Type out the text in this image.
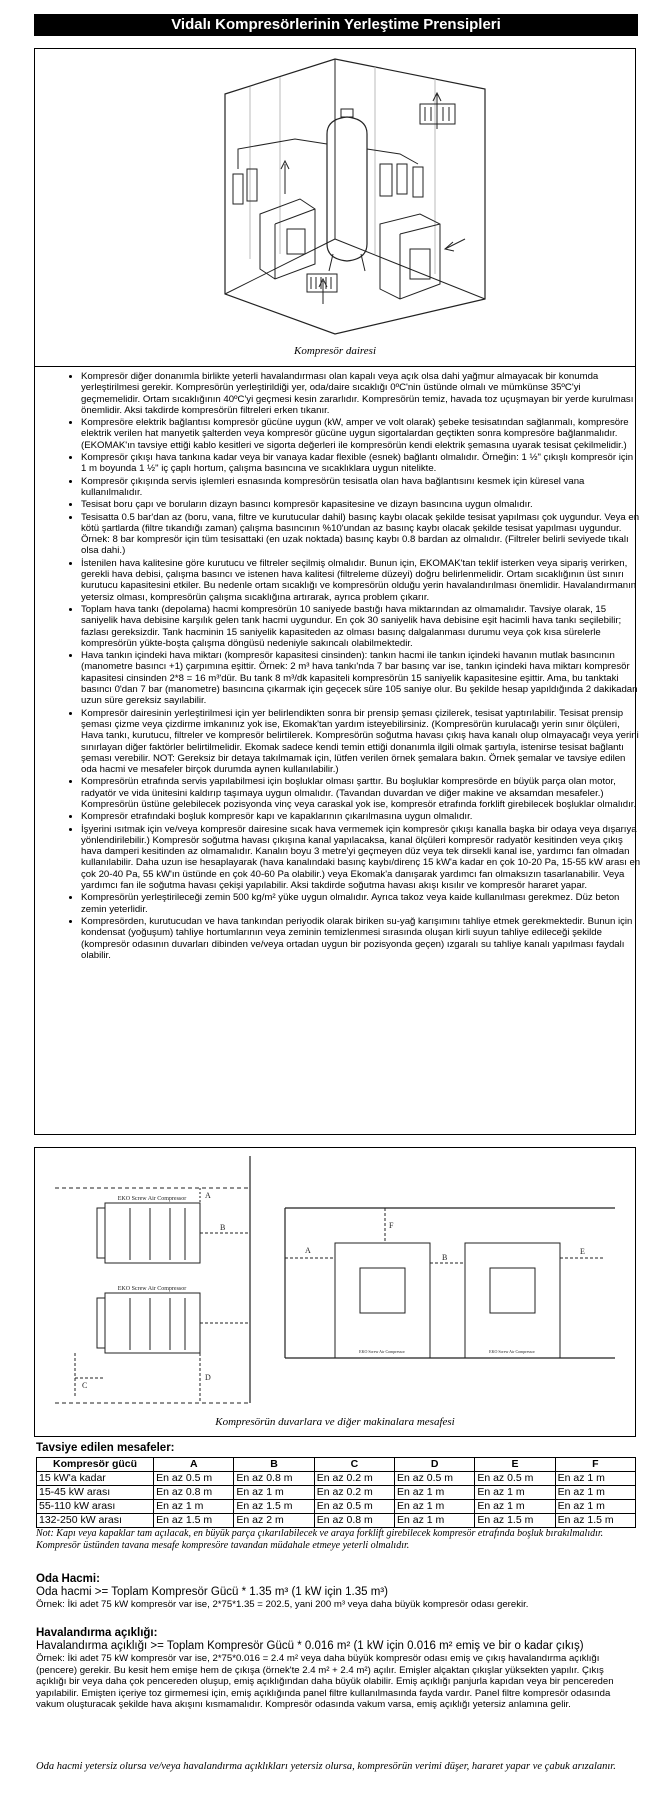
Vidalı Kompresörlerinin Yerleştime Prensipleri
Kompresör dairesi
• Kompresör diğer donanımla birlikte yeterli havalandırması olan kapalı veya açık olsa dahi yağmur almayacak bir konumda yerleştirilmesi gerekir. Kompresörün yerleştirildiği yer, oda/daire sıcaklığı 0ºC'nin üstünde olmalı ve mümkünse 35ºC'yi geçmemelidir. Ortam sıcaklığının 40ºC'yi geçmesi kesin zararlıdır. Kompresörün temiz, havada toz uçuşmayan bir yerde kurulması önemlidir. Aksi takdirde kompresörün filtreleri erken tıkanır.
• Kompresöre elektrik bağlantısı kompresör gücüne uygun (kW, amper ve volt olarak) şebeke tesisatından sağlanmalı, kompresöre elektrik verilen hat manyetik şalterden veya kompresör gücüne uygun sigortalardan geçtikten sonra kompresöre bağlanmalıdır. (EKOMAK'ın tavsiye ettiği kablo kesitleri ve sigorta değerleri ile kompresörün kendi elektrik şemasına uyarak tesisat çekilmelidir.)
• Kompresör çıkışı hava tankına kadar veya bir vanaya kadar flexible (esnek) bağlantı olmalıdır. Örneğin: 1 ½" çıkışlı kompresör için 1 m boyunda 1 ½" iç çaplı hortum, çalışma basıncına ve sıcaklıklara uygun nitelikte.
• Kompresör çıkışında servis işlemleri esnasında kompresörün tesisatla olan hava bağlantısını kesmek için küresel vana kullanılmalıdır.
• Tesisat boru çapı ve boruların dizayn basıncı kompresör kapasitesine ve dizayn basıncına uygun olmalıdır.
• Tesisatta 0.5 bar'dan az (boru, vana, filtre ve kurutucular dahil) basınç kaybı olacak şekilde tesisat yapılması çok uygundur. Veya en kötü şartlarda (filtre tıkandığı zaman) çalışma basıncının %10'undan az basınç kaybı olacak şekilde tesisat yapılması uygundur. Örnek: 8 bar kompresör için tüm tesisattaki (en uzak noktada) basınç kaybı 0.8 bardan az olmalıdır. (Filtreler belirli seviyede tıkalı olsa dahi.)
• İstenilen hava kalitesine göre kurutucu ve filtreler seçilmiş olmalıdır. Bunun için, EKOMAK'tan teklif isterken veya sipariş verirken, gerekli hava debisi, çalışma basıncı ve istenen hava kalitesi (filtreleme düzeyi) doğru belirlenmelidir. Ortam sıcaklığının üst sınırı kurutucu kapasitesini etkiler. Bu nedenle ortam sıcaklığı ve kompresörün olduğu yerin havalandırılması önemlidir. Havalandırmanın yetersiz olması, kompresörün çalışma sıcaklığına artırarak, ayrıca problem çıkarır.
• Toplam hava tankı (depolama) hacmi kompresörün 10 saniyede bastığı hava miktarından az olmamalıdır. Tavsiye olarak, 15 saniyelik hava debisine karşılık gelen tank hacmi uygundur. En çok 30 saniyelik hava debisine eşit hacimli hava tankı seçilebilir; fazlası gereksizdir. Tank hacminin 15 saniyelik kapasiteden az olması basınç dalgalanması durumu veya çok kısa sürelerle kompresörün yükte-boşta çalışma döngüsü nedeniyle sakıncalı olabilmektedir.
• Hava tankın içindeki hava miktarı (kompresör kapasitesi cinsinden): tankın hacmi ile tankın içindeki havanın mutlak basıncının (manometre basıncı +1) çarpımına eşittir. Örnek: 2 m³ hava tankı'nda 7 bar basınç var ise, tankın içindeki hava miktarı kompresör kapasitesi cinsinden 2*8 = 16 m³'dür. Bu tank 8 m³/dk kapasiteli kompresörün 15 saniyelik kapasitesine eşittir. Ama, bu tanktaki basıncı 0'dan 7 bar (manometre) basıncına çıkarmak için geçecek süre 105 saniye olur. Bu şekilde hesap yapıldığında 2 dakikadan uzun süre gereksiz sayılabilir.
• Kompresör dairesinin yerleştirilmesi için yer belirlendikten sonra bir prensip şeması çizilerek, tesisat yaptırılabilir. Tesisat prensip şeması çizme veya çizdirme imkanınız yok ise, Ekomak'tan yardım isteyebilirsiniz. (Kompresörün kurulacağı yerin sınır ölçüleri, Hava tankı, kurutucu, filtreler ve kompresör belirtilerek. Kompresörün soğutma havası çıkış hava kanalı olup olmayacağı veya yerini sınırlayan diğer faktörler belirtilmelidir. Ekomak sadece kendi temin ettiği donanımla ilgili olmak şartıyla, istenirse tesisat bağlantı şeması verebilir. NOT: Gereksiz bir detaya takılmamak için, lütfen verilen örnek şemalara bakın. Örnek şemalar ve tavsiye edilen oda hacmi ve mesafeler birçok durumda aynen kullanılabilir.)
• Kompresörün etrafında servis yapılabilmesi için boşluklar olması şarttır. Bu boşluklar kompresörde en büyük parça olan motor, radyatör ve vida ünitesini kaldırıp taşımaya uygun olmalıdır. (Tavandan duvardan ve diğer makine ve aksamdan mesafeler.) Kompresörün üstüne gelebilecek pozisyonda vinç veya caraskal yok ise, kompresör etrafında forklift girebilecek boşluklar olmalıdır.
• Kompresör etrafındaki boşluk kompresör kapı ve kapaklarının çıkarılmasına uygun olmalıdır.
• İşyerini ısıtmak için ve/veya kompresör dairesine sıcak hava vermemek için kompresör çıkışı kanalla başka bir odaya veya dışarıya yönlendirilebilir.) Kompresör soğutma havası çıkışına kanal yapılacaksa, kanal ölçüleri kompresör radyatör kesitinden veya çıkış hava damperi kesitinden az olmamalıdır. Kanalın boyu 3 metre'yi geçmeyen düz veya tek dirsekli kanal ise, yardımcı fan olmadan kullanılabilir. Daha uzun ise hesaplayarak (hava kanalındaki basınç kaybı/direnç 15 kW'a kadar en çok 10-20 Pa, 15-55 kW arası en çok 20-40 Pa, 55 kW'ın üstünde en çok 40-60 Pa olabilir.) veya Ekomak'a danışarak yardımcı fan olmaksızın tasarlanabilir. Veya yardımcı fan ile soğutma havası çekişi yapılabilir. Aksi takdirde soğutma havası akışı kısılır ve kompresör hararet yapar.
• Kompresörün yerleştirileceği zemin 500 kg/m² yüke uygun olmalıdır. Ayrıca takoz veya kaide kullanılması gerekmez. Düz beton zemin yeterlidir.
• Kompresörden, kurutucudan ve hava tankından periyodik olarak biriken su-yağ karışımını tahliye etmek gerekmektedir. Bunun için kondensat (yoğuşum) tahliye hortumlarının veya zeminin temizlenmesi sırasında oluşan kirli suyun tahliye edileceği şekilde (kompresör odasının duvarları dibinden ve/veya ortadan uygun bir pozisyonda geçen) ızgaralı su tahliye kanalı yapılması faydalı olabilir.
EKO Screw Air Compressor
EKO Screw Air Compressor
EKO Screw Air Compressor	EKO Screw Air Compressor
A
B
C
D
A
F
B
E
Kompresörün duvarlara ve diğer makinalara mesafesi
Tavsiye edilen mesafeler:
Kompresör gücü	A	B	C	D	E	F
15 kW'a kadar	En az 0.5 m	En az 0.8 m	En az 0.2 m	En az 0.5 m	En az 0.5 m	En az 1 m
15-45 kW arası	En az 0.8 m	En az 1 m	En az 0.2 m	En az 1 m	En az 1 m	En az 1 m
55-110 kW arası	En az 1 m	En az 1.5 m	En az 0.5 m	En az 1 m	En az 1 m	En az 1 m
132-250 kW arası	En az 1.5 m	En az 2 m	En az 0.8 m	En az 1 m	En az 1.5 m	En az 1.5 m
Not: Kapı veya kapaklar tam açılacak, en büyük parça çıkarılabilecek ve araya forklift girebilecek kompresör etrafında boşluk bırakılmalıdır. Kompresör üstünden tavana mesafe kompresöre tavandan müdahale etmeye yeterli olmalıdır.
Oda Hacmi:
Oda hacmi >= Toplam Kompresör Gücü * 1.35 m³ (1 kW için 1.35 m³)
Örnek: İki adet 75 kW kompresör var ise, 2*75*1.35 = 202.5, yani 200 m³ veya daha büyük kompresör odası gerekir.
Havalandırma açıklığı:
Havalandırma açıklığı >= Toplam Kompresör Gücü * 0.016 m² (1 kW için 0.016 m² emiş ve bir o kadar çıkış)
Örnek: İki adet 75 kW kompresör var ise, 2*75*0.016 = 2.4 m² veya daha büyük kompresör odası emiş ve çıkış havalandırma açıklığı (pencere) gerekir. Bu kesit hem emişe hem de çıkışa (örnek'te 2.4 m² + 2.4 m²) açılır. Emişler alçaktan çıkışlar yüksekten yapılır. Çıkış açıklığı bir veya daha çok pencereden oluşup, emiş açıklığından daha büyük olabilir. Emiş açıklığı panjurla kapıdan veya bir pencereden yapılabilir. Emişten içeriye toz girmemesi için, emiş açıklığında panel filtre kullanılmasında fayda vardır. Panel filtre kompresör odasında vakum oluşturacak şekilde hava akışını kısmamalıdır. Kompresör odasında vakum varsa, emiş açıklığı yetersiz anlamına gelir.
Oda hacmi yetersiz olursa ve/veya havalandırma açıklıkları yetersiz olursa, kompresörün verimi düşer, hararet yapar ve çabuk arızalanır.
